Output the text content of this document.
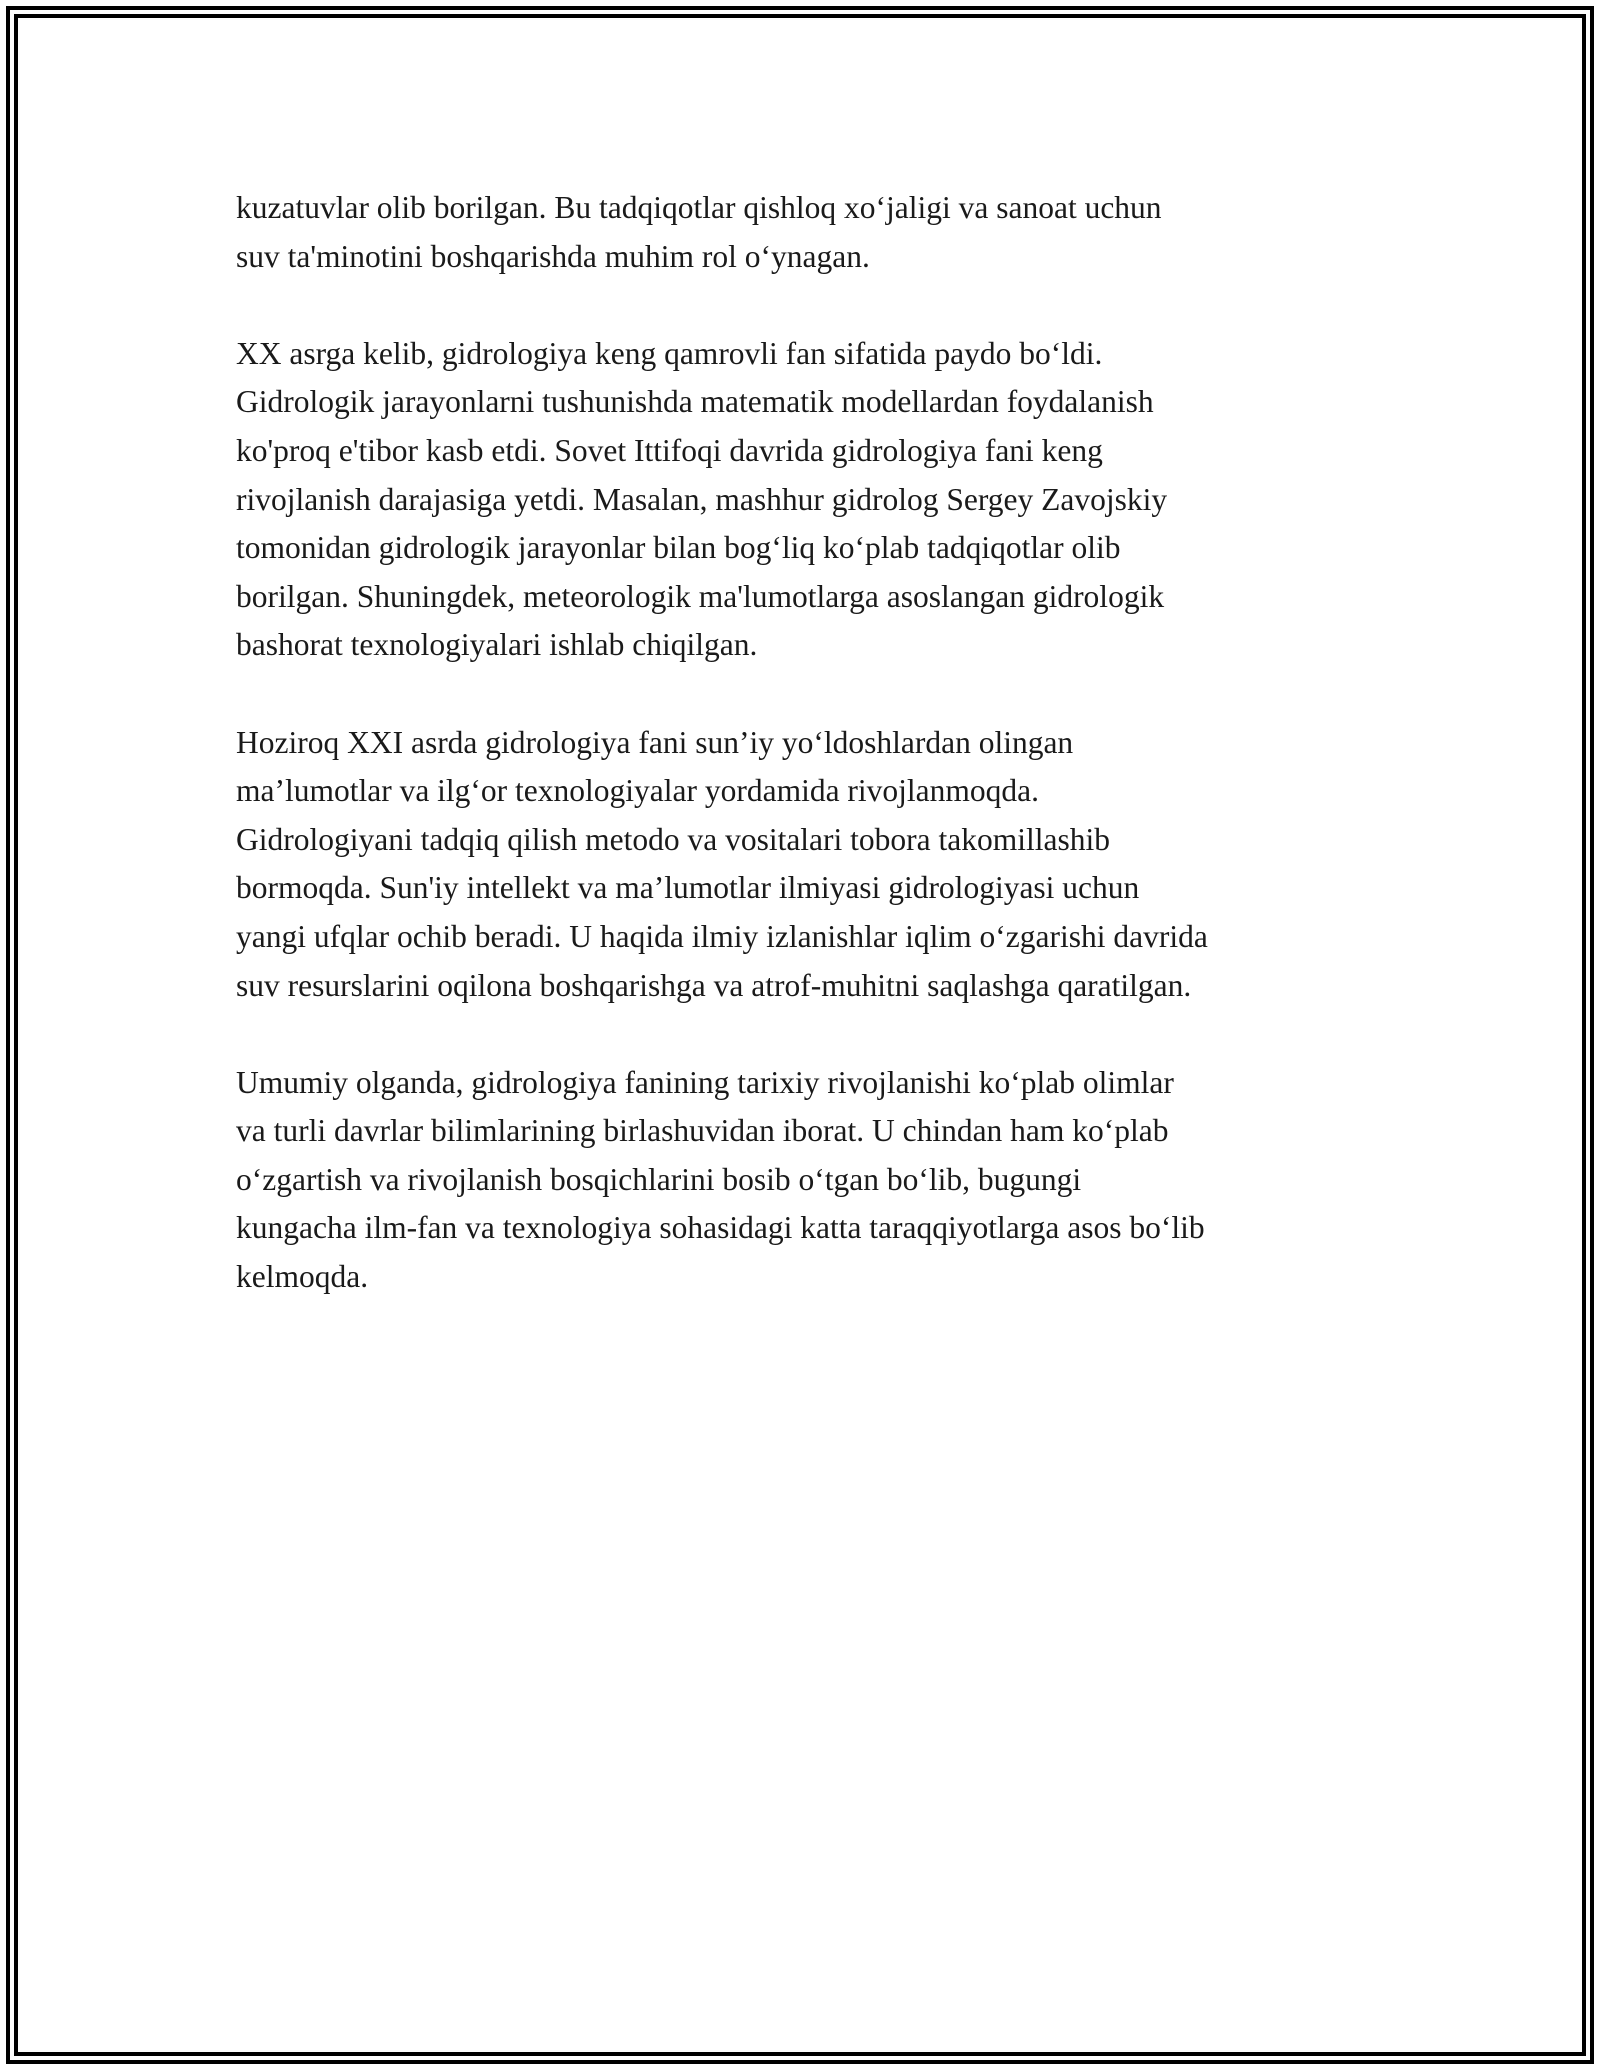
kuzatuvlar olib borilgan. Bu tadqiqotlar qishloq xo‘jaligi va sanoat uchun
suv ta'minotini boshqarishda muhim rol o‘ynagan.

XX asrga kelib, gidrologiya keng qamrovli fan sifatida paydo bo‘ldi.
Gidrologik jarayonlarni tushunishda matematik modellardan foydalanish
ko'proq e'tibor kasb etdi. Sovet Ittifoqi davrida gidrologiya fani keng
rivojlanish darajasiga yetdi. Masalan, mashhur gidrolog Sergey Zavojskiy
tomonidan gidrologik jarayonlar bilan bog‘liq ko‘plab tadqiqotlar olib
borilgan. Shuningdek, meteorologik ma'lumotlarga asoslangan gidrologik
bashorat texnologiyalari ishlab chiqilgan.

Hoziroq XXI asrda gidrologiya fani sun’iy yo‘ldoshlardan olingan
ma’lumotlar va ilg‘or texnologiyalar yordamida rivojlanmoqda.
Gidrologiyani tadqiq qilish metodo va vositalari tobora takomillashib
bormoqda. Sun'iy intellekt va ma’lumotlar ilmiyasi gidrologiyasi uchun
yangi ufqlar ochib beradi. U haqida ilmiy izlanishlar iqlim o‘zgarishi davrida
suv resurslarini oqilona boshqarishga va atrof-muhitni saqlashga qaratilgan.

Umumiy olganda, gidrologiya fanining tarixiy rivojlanishi ko‘plab olimlar
va turli davrlar bilimlarining birlashuvidan iborat. U chindan ham ko‘plab
o‘zgartish va rivojlanish bosqichlarini bosib o‘tgan bo‘lib, bugungi
kungacha ilm-fan va texnologiya sohasidagi katta taraqqiyotlarga asos bo‘lib
kelmoqda.
